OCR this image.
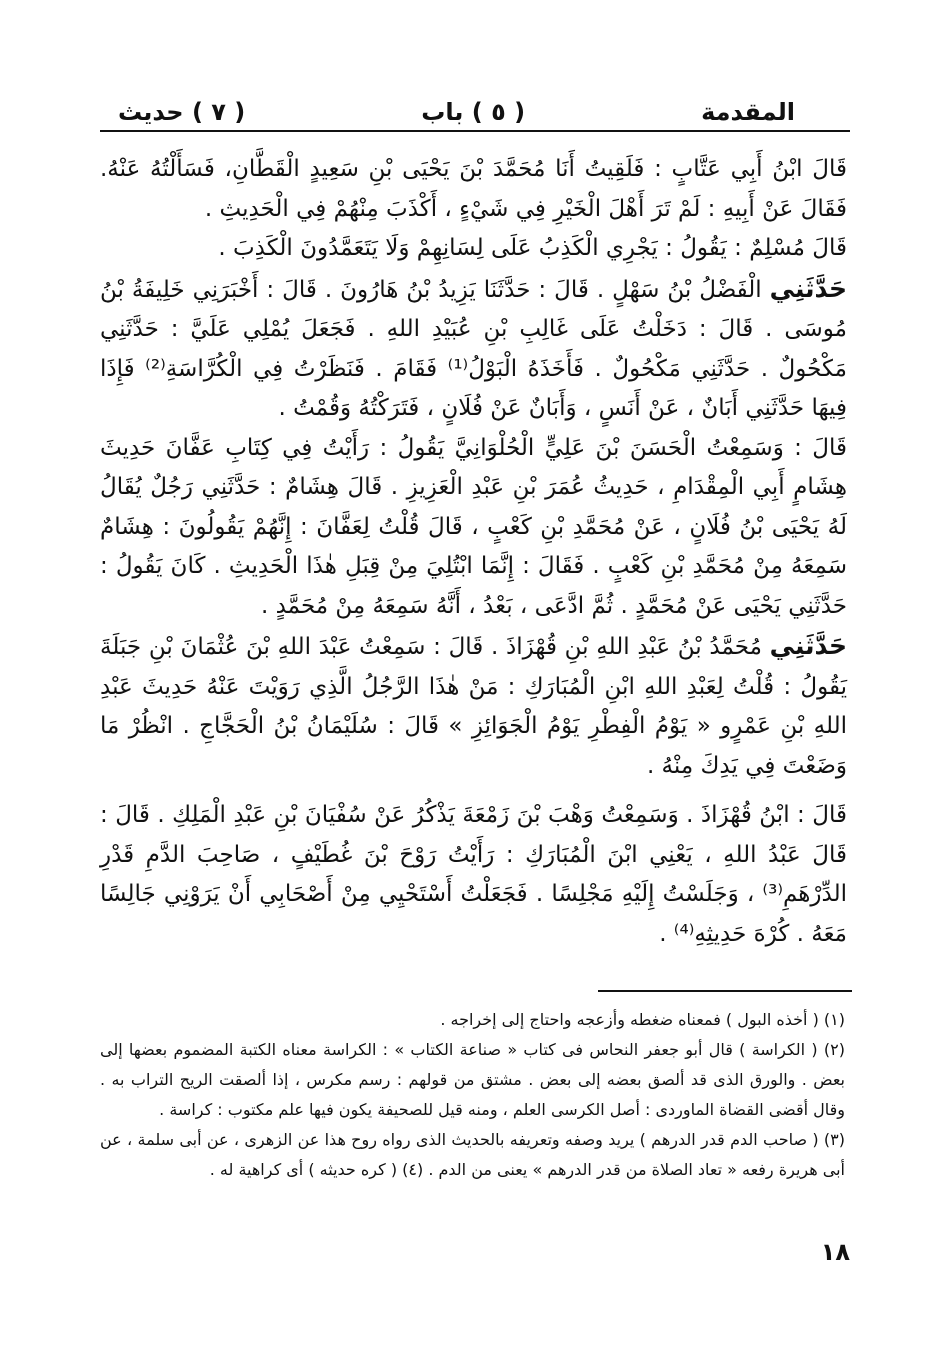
المقدمة
( ٥ ) باب
( ٧ ) حديث

قَالَ ابْنُ أَبِي عَتَّابٍ : فَلَقِيتُ أَنَا مُحَمَّدَ بْنَ يَحْيَى بْنِ سَعِيدٍ الْقَطَّانِ، فَسَأَلْتُهُ عَنْهُ. فَقَالَ عَنْ أَبِيهِ : لَمْ تَرَ أَهْلَ الْخَيْرِ فِي شَيْءٍ ، أَكْذَبَ مِنْهُمْ فِي الْحَدِيثِ .

قَالَ مُسْلِمٌ : يَقُولُ : يَجْرِي الْكَذِبُ عَلَى لِسَانِهِمْ وَلَا يَتَعَمَّدُونَ الْكَذِبَ .

حَدَّثَنِي الْفَضْلُ بْنُ سَهْلٍ . قَالَ : حَدَّثَنَا يَزِيدُ بْنُ هَارُونَ . قَالَ : أَخْبَرَنِي خَلِيفَةُ بْنُ مُوسَى . قَالَ : دَخَلْتُ عَلَى غَالِبِ بْنِ عُبَيْدِ اللهِ . فَجَعَلَ يُمْلِي عَلَيَّ : حَدَّثَنِي مَكْحُولٌ . حَدَّثَنِي مَكْحُولٌ . فَأَخَذَهُ الْبَوْلُ⁽¹⁾ فَقَامَ . فَنَظَرْتُ فِي الْكُرَّاسَةِ⁽²⁾ فَإِذَا فِيهَا حَدَّثَنِي أَبَانٌ ، عَنْ أَنَسٍ ، وَأَبَانٌ عَنْ فُلَانٍ ، فَتَرَكْتُهُ وَقُمْتُ .

قَالَ : وَسَمِعْتُ الْحَسَنَ بْنَ عَلِيٍّ الْحُلْوَانِيَّ يَقُولُ : رَأَيْتُ فِي كِتَابِ عَفَّانَ حَدِيثَ هِشَامٍ أَبِي الْمِقْدَامِ ، حَدِيثُ عُمَرَ بْنِ عَبْدِ الْعَزِيزِ . قَالَ هِشَامٌ : حَدَّثَنِي رَجُلٌ يُقَالُ لَهُ يَحْيَى بْنُ فُلَانٍ ، عَنْ مُحَمَّدِ بْنِ كَعْبٍ ، قَالَ قُلْتُ لِعَفَّانَ : إِنَّهُمْ يَقُولُونَ : هِشَامٌ سَمِعَهُ مِنْ مُحَمَّدِ بْنِ كَعْبٍ . فَقَالَ : إِنَّمَا ابْتُلِيَ مِنْ قِبَلِ هٰذَا الْحَدِيثِ . كَانَ يَقُولُ : حَدَّثَنِي يَحْيَى عَنْ مُحَمَّدٍ . ثُمَّ ادَّعَى ، بَعْدُ ، أَنَّهُ سَمِعَهُ مِنْ مُحَمَّدٍ .

حَدَّثَنِي مُحَمَّدُ بْنُ عَبْدِ اللهِ بْنِ قُهْزَاذَ . قَالَ : سَمِعْتُ عَبْدَ اللهِ بْنَ عُثْمَانَ بْنِ جَبَلَةَ يَقُولُ : قُلْتُ لِعَبْدِ اللهِ ابْنِ الْمُبَارَكِ : مَنْ هٰذَا الرَّجُلُ الَّذِي رَوَيْتَ عَنْهُ حَدِيثَ عَبْدِ اللهِ بْنِ عَمْرٍو « يَوْمُ الْفِطْرِ يَوْمُ الْجَوَائِزِ » قَالَ : سُلَيْمَانُ بْنُ الْحَجَّاجِ . انْظُرْ مَا وَضَعْتَ فِي يَدِكَ مِنْهُ .

قَالَ : ابْنُ قُهْزَاذَ . وَسَمِعْتُ وَهْبَ بْنَ زَمْعَةَ يَذْكُرُ عَنْ سُفْيَانَ بْنِ عَبْدِ الْمَلِكِ . قَالَ : قَالَ عَبْدُ اللهِ ، يَعْنِي ابْنَ الْمُبَارَكِ : رَأَيْتُ رَوْحَ بْنَ غُطَيْفٍ ، صَاحِبَ الدَّمِ قَدْرِ الدِّرْهَمِ⁽³⁾ ، وَجَلَسْتُ إِلَيْهِ مَجْلِسًا . فَجَعَلْتُ أَسْتَحْيِي مِنْ أَصْحَابِي أَنْ يَرَوْنِي جَالِسًا مَعَهُ . كُرْهَ حَدِيثِهِ⁽⁴⁾ .

(١) ( أخذه البول ) فمعناه ضغطه وأزعجه واحتاج إلى إخراجه .

(٢) ( الكراسة ) قال أبو جعفر النحاس فى كتاب « صناعة الكتاب » : الكراسة معناه الكتبة المضموم بعضها إلى بعض . والورق الذى قد ألصق بعضه إلى بعض . مشتق من قولهم : رسم مكرس ، إذا ألصقت الريح التراب به . وقال أقضى القضاة الماوردى : أصل الكرسى العلم ، ومنه قيل للصحيفة يكون فيها علم مكتوب : كراسة .

(٣) ( صاحب الدم قدر الدرهم ) يريد وصفه وتعريفه بالحديث الذى رواه روح هذا عن الزهرى ، عن أبى سلمة ، عن أبى هريرة رفعه « تعاد الصلاة من قدر الدرهم » يعنى من الدم . (٤) ( كره حديثه ) أى كراهية له .

١٨
